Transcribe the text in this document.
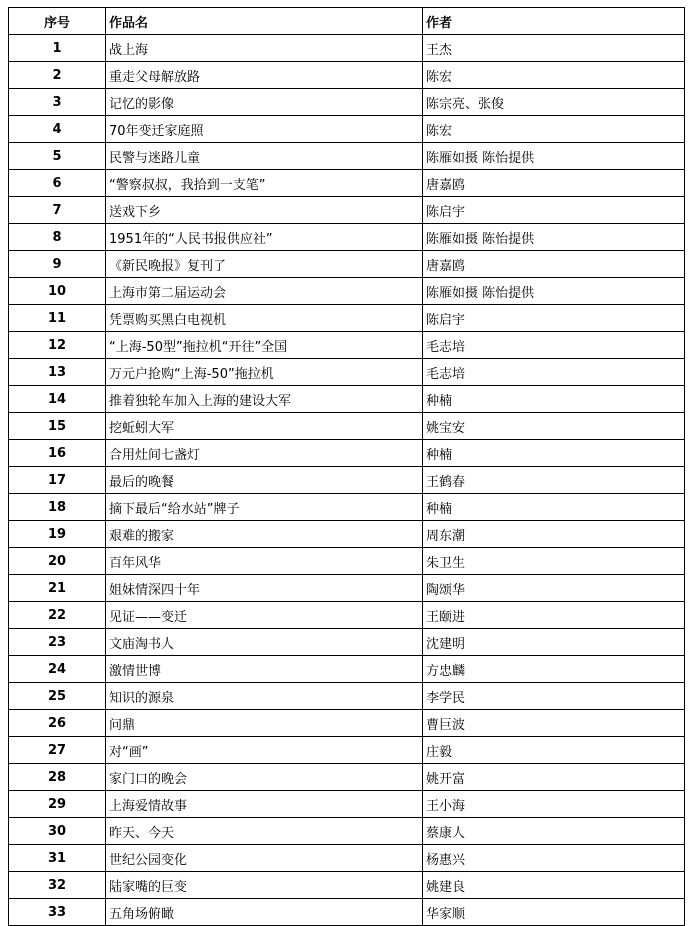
序号	作品名	作者
1	战上海	王杰
2	重走父母解放路	陈宏
3	记忆的影像	陈宗亮、张俊
4	70年变迁家庭照	陈宏
5	民警与迷路儿童	陈雁如摄 陈怡提供
6	“警察叔叔，我拾到一支笔”	唐嘉鸥
7	送戏下乡	陈启宇
8	1951年的“人民书报供应社”	陈雁如摄 陈怡提供
9	《新民晚报》复刊了	唐嘉鸥
10	上海市第二届运动会	陈雁如摄 陈怡提供
11	凭票购买黑白电视机	陈启宇
12	“上海-50型”拖拉机“开往”全国	毛志培
13	万元户抢购“上海-50”拖拉机	毛志培
14	推着独轮车加入上海的建设大军	种楠
15	挖蚯蚓大军	姚宝安
16	合用灶间七盏灯	种楠
17	最后的晚餐	王鹤春
18	摘下最后“给水站”牌子	种楠
19	艰难的搬家	周东潮
20	百年风华	朱卫生
21	姐妹情深四十年	陶颂华
22	见证——变迁	王颐进
23	文庙淘书人	沈建明
24	激情世博	方忠麟
25	知识的源泉	李学民
26	问鼎	曹巨波
27	对“画”	庄毅
28	家门口的晚会	姚开富
29	上海爱情故事	王小海
30	昨天、今天	蔡康人
31	世纪公园变化	杨惠兴
32	陆家嘴的巨变	姚建良
33	五角场俯瞰	华家顺
